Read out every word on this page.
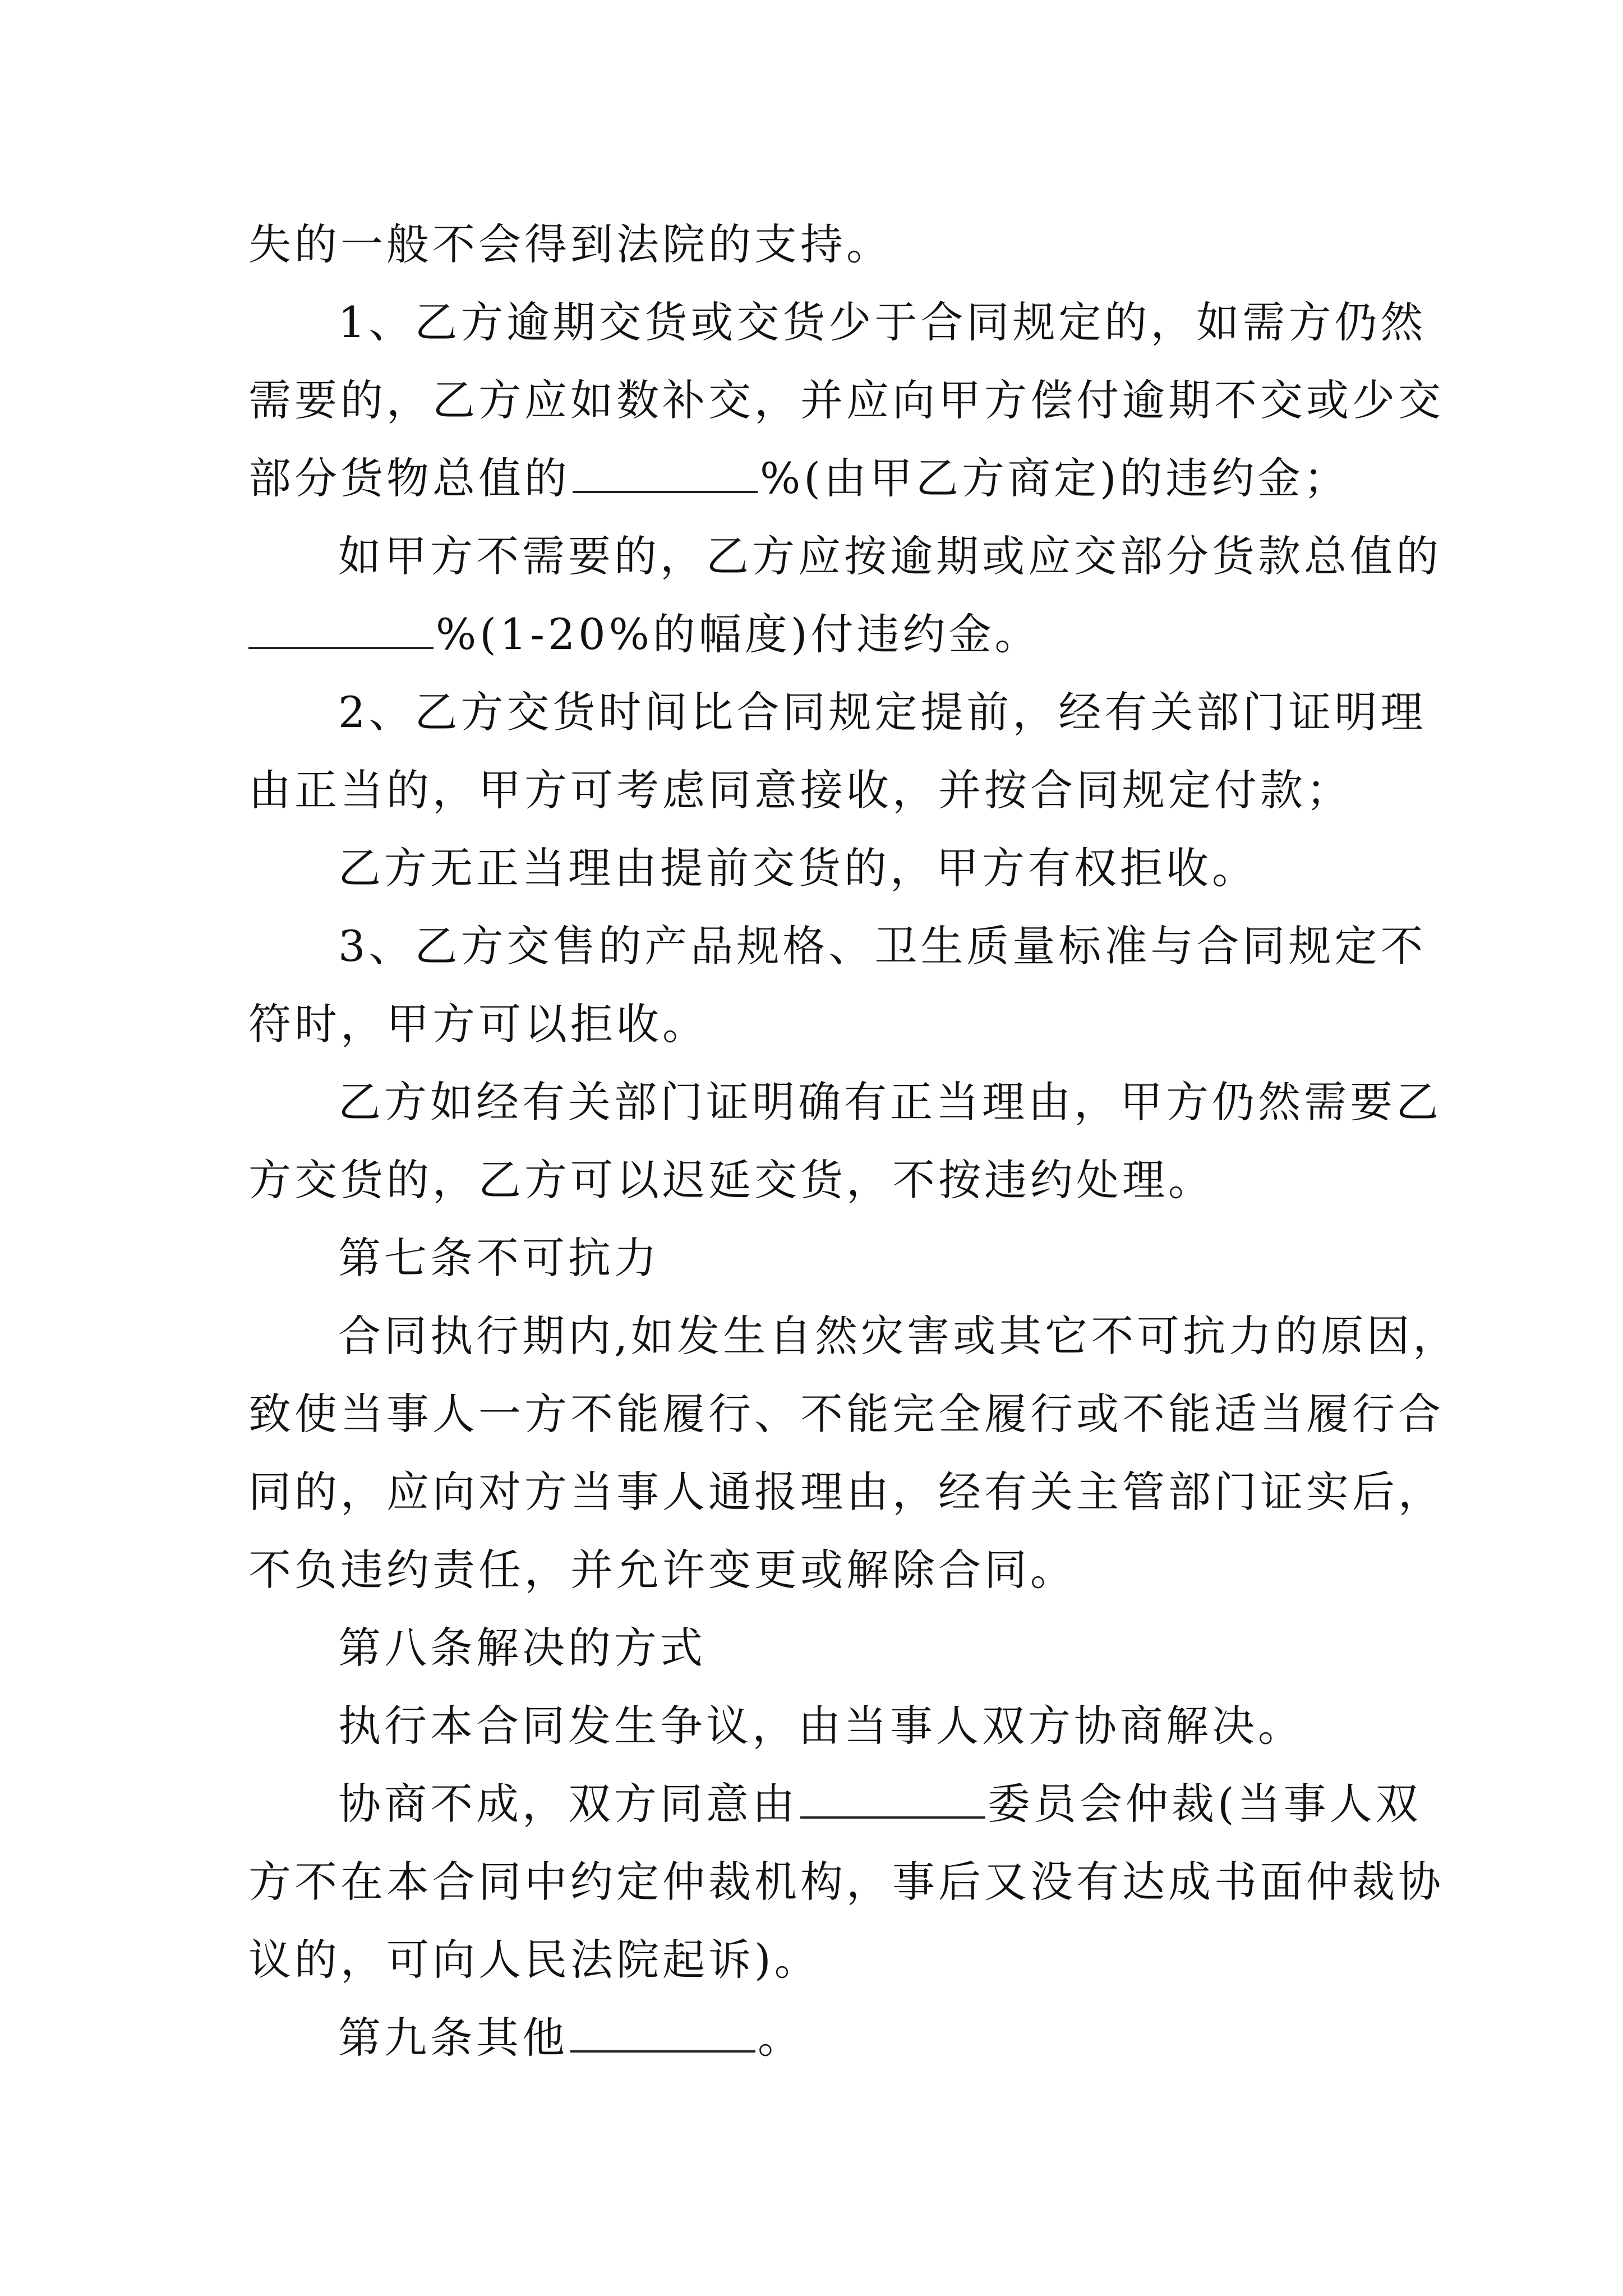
失的一般不会得到法院的支持。
1、乙方逾期交货或交货少于合同规定的，如需方仍然
需要的，乙方应如数补交，并应向甲方偿付逾期不交或少交
部分货物总值的	%(由甲乙方商定)的违约金；
如甲方不需要的，乙方应按逾期或应交部分货款总值的
%(1-20%的幅度)付违约金。
2、乙方交货时间比合同规定提前，经有关部门证明理
由正当的，甲方可考虑同意接收，并按合同规定付款；
乙方无正当理由提前交货的，甲方有权拒收。
3、乙方交售的产品规格、卫生质量标准与合同规定不
符时，甲方可以拒收。
乙方如经有关部门证明确有正当理由，甲方仍然需要乙
方交货的，乙方可以迟延交货，不按违约处理。
第七条不可抗力
合同执行期内,如发生自然灾害或其它不可抗力的原因，
致使当事人一方不能履行、不能完全履行或不能适当履行合
同的，应向对方当事人通报理由，经有关主管部门证实后，
不负违约责任，并允许变更或解除合同。
第八条解决的方式
执行本合同发生争议，由当事人双方协商解决。
协商不成，双方同意由	委员会仲裁(当事人双
方不在本合同中约定仲裁机构，事后又没有达成书面仲裁协
议的，可向人民法院起诉)。
第九条其他	。
